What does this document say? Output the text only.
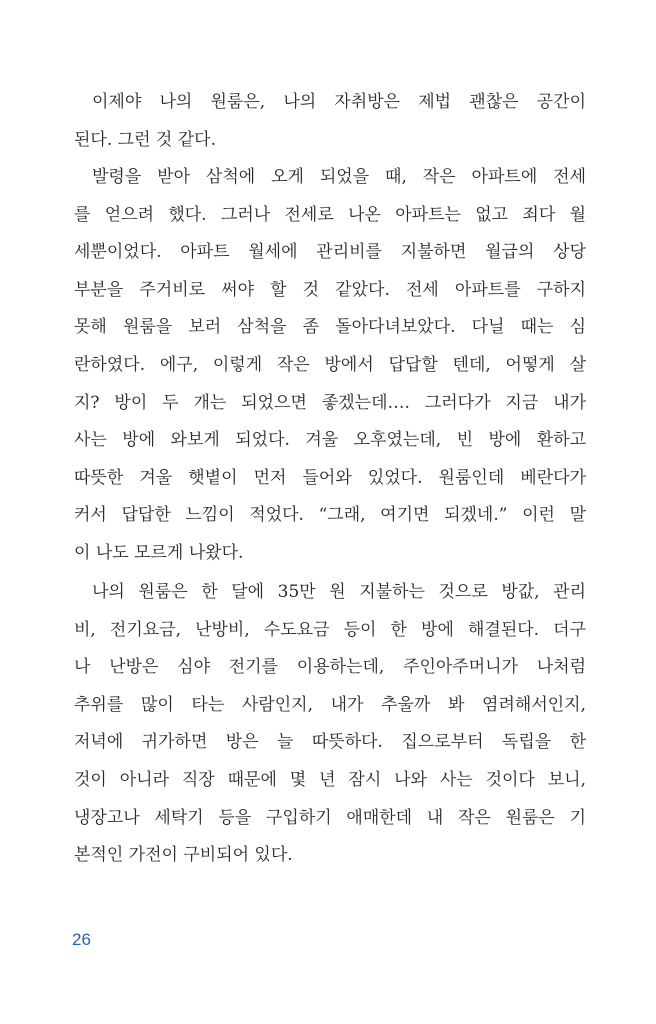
이제야 나의 원룸은, 나의 자취방은 제법 괜찮은 공간이
된다. 그런 것 같다.
발령을 받아 삼척에 오게 되었을 때, 작은 아파트에 전세
를 얻으려 했다. 그러나 전세로 나온 아파트는 없고 죄다 월
세뿐이었다. 아파트 월세에 관리비를 지불하면 월급의 상당
부분을 주거비로 써야 할 것 같았다. 전세 아파트를 구하지
못해 원룸을 보러 삼척을 좀 돌아다녀보았다. 다닐 때는 심
란하였다. 에구, 이렇게 작은 방에서 답답할 텐데, 어떻게 살
지? 방이 두 개는 되었으면 좋겠는데…. 그러다가 지금 내가
사는 방에 와보게 되었다. 겨울 오후였는데, 빈 방에 환하고
따뜻한 겨울 햇볕이 먼저 들어와 있었다. 원룸인데 베란다가
커서 답답한 느낌이 적었다. “그래, 여기면 되겠네.” 이런 말
이 나도 모르게 나왔다.
나의 원룸은 한 달에 35만 원 지불하는 것으로 방값, 관리
비, 전기요금, 난방비, 수도요금 등이 한 방에 해결된다. 더구
나 난방은 심야 전기를 이용하는데, 주인아주머니가 나처럼
추위를 많이 타는 사람인지, 내가 추울까 봐 염려해서인지,
저녁에 귀가하면 방은 늘 따뜻하다. 집으로부터 독립을 한
것이 아니라 직장 때문에 몇 년 잠시 나와 사는 것이다 보니,
냉장고나 세탁기 등을 구입하기 애매한데 내 작은 원룸은 기
본적인 가전이 구비되어 있다.
26
